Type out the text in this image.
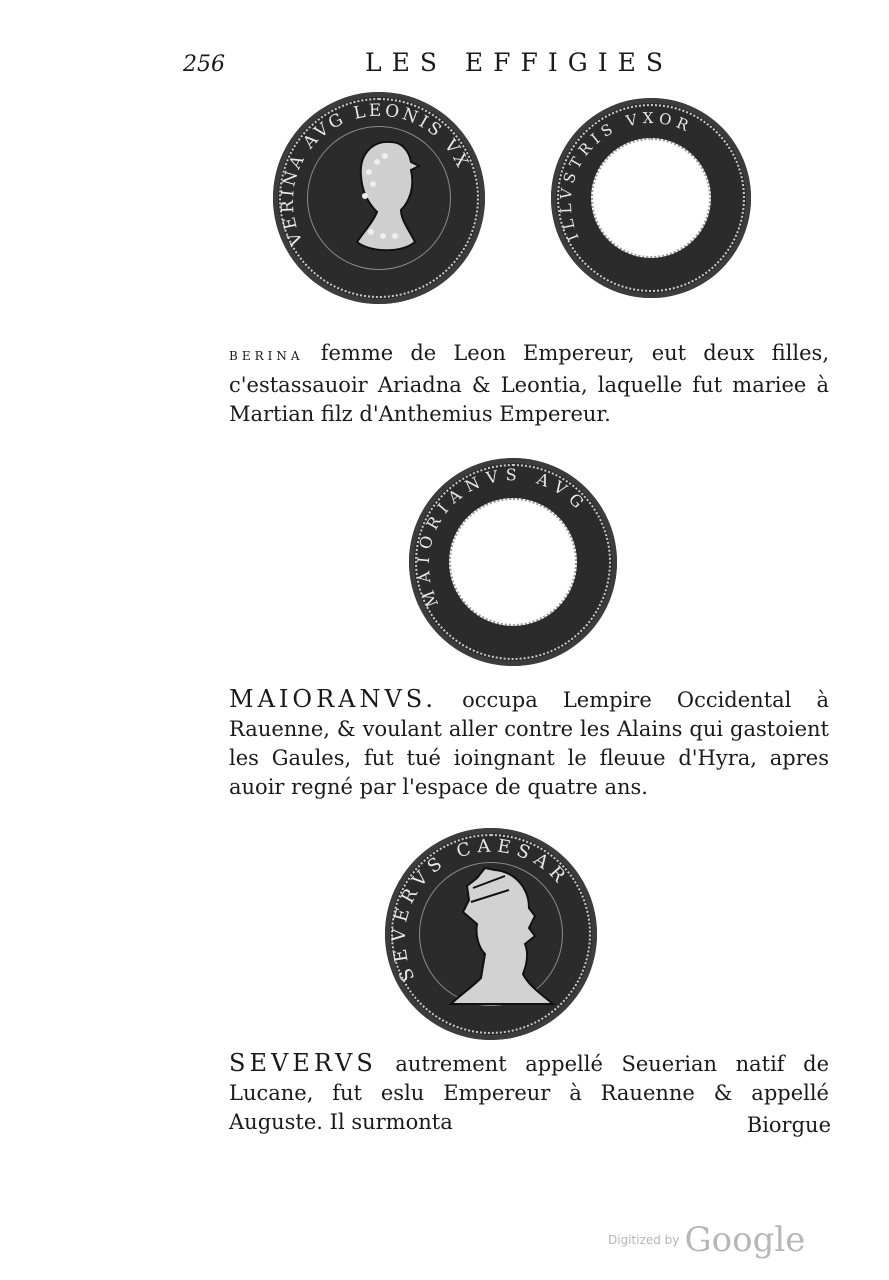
256	LES EFFIGIES
VERINA AVG LEONIS VX
ILLVSTRIS VXOR
BERINA femme de Leon Empereur, eut deux filles, c'estassauoir Ariadna & Leontia, laquelle fut mariee à Martian filz d'Anthemius Empereur.
MAIORIANVS AVG
MAIORANVS. occupa Lempire Occidental à Rauenne, & voulant aller contre les Alains qui gastoient les Gaules, fut tué ioingnant le fleuue d'Hyra, apres auoir regné par l'espace de quatre ans.
SEVERVS CAESAR
SEVERVS autrement appellé Seuerian natif de Lucane, fut eslu Empereur à Rauenne & appellé Auguste. Il surmonta	Biorgue
Digitized by Google
